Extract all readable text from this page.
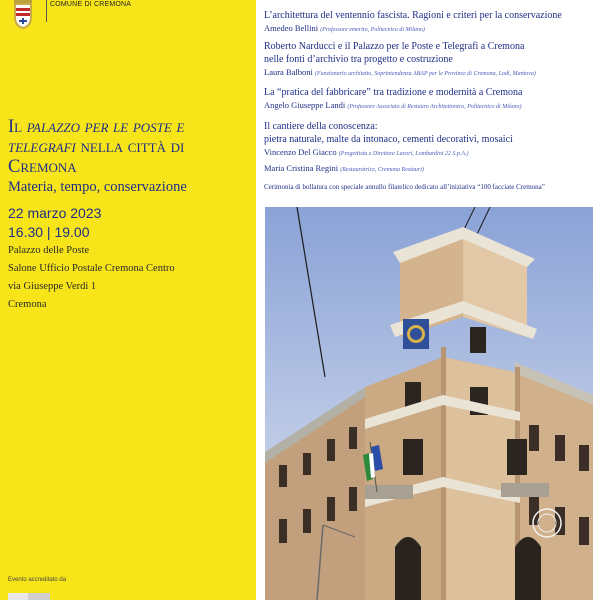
COMUNE DI CREMONA
Il palazzo per le poste e telegrafi nella città di Cremona
Materia, tempo, conservazione
22 marzo 2023
16.30 | 19.00
Palazzo delle Poste
Salone Ufficio Postale Cremona Centro
via Giuseppe Verdi 1
Cremona
Evento accreditato da
L’architettura del ventennio fascista. Ragioni e criteri per la conservazione
Amedeo Bellini (Professore emerito, Politecnico di Milano)
Roberto Narducci e il Palazzo per le Poste e Telegrafi a Cremona
nelle fonti d’archivio tra progetto e costruzione
Laura Balboni (Funzionario architetto, Soprintendenza ABAP per le Province di Cremona, Lodi, Mantova)
La “pratica del fabbricare” tra tradizione e modernità a Cremona
Angelo Giuseppe Landi (Professore Associato di Restauro Architettonico, Politecnico di Milano)
Il cantiere della conoscenza:
pietra naturale, malte da intonaco, cementi decorativi, mosaici
Vincenzo Del Giacco (Progettista e Direttore Lavori, Lombardini 22 S.p.A.)
Maria Cristina Regini (Restauratrice, Cremona Restauri)
Cerimonia di bollatura con speciale annullo filatelico dedicato all’iniziativa “100 facciate Cremona”
